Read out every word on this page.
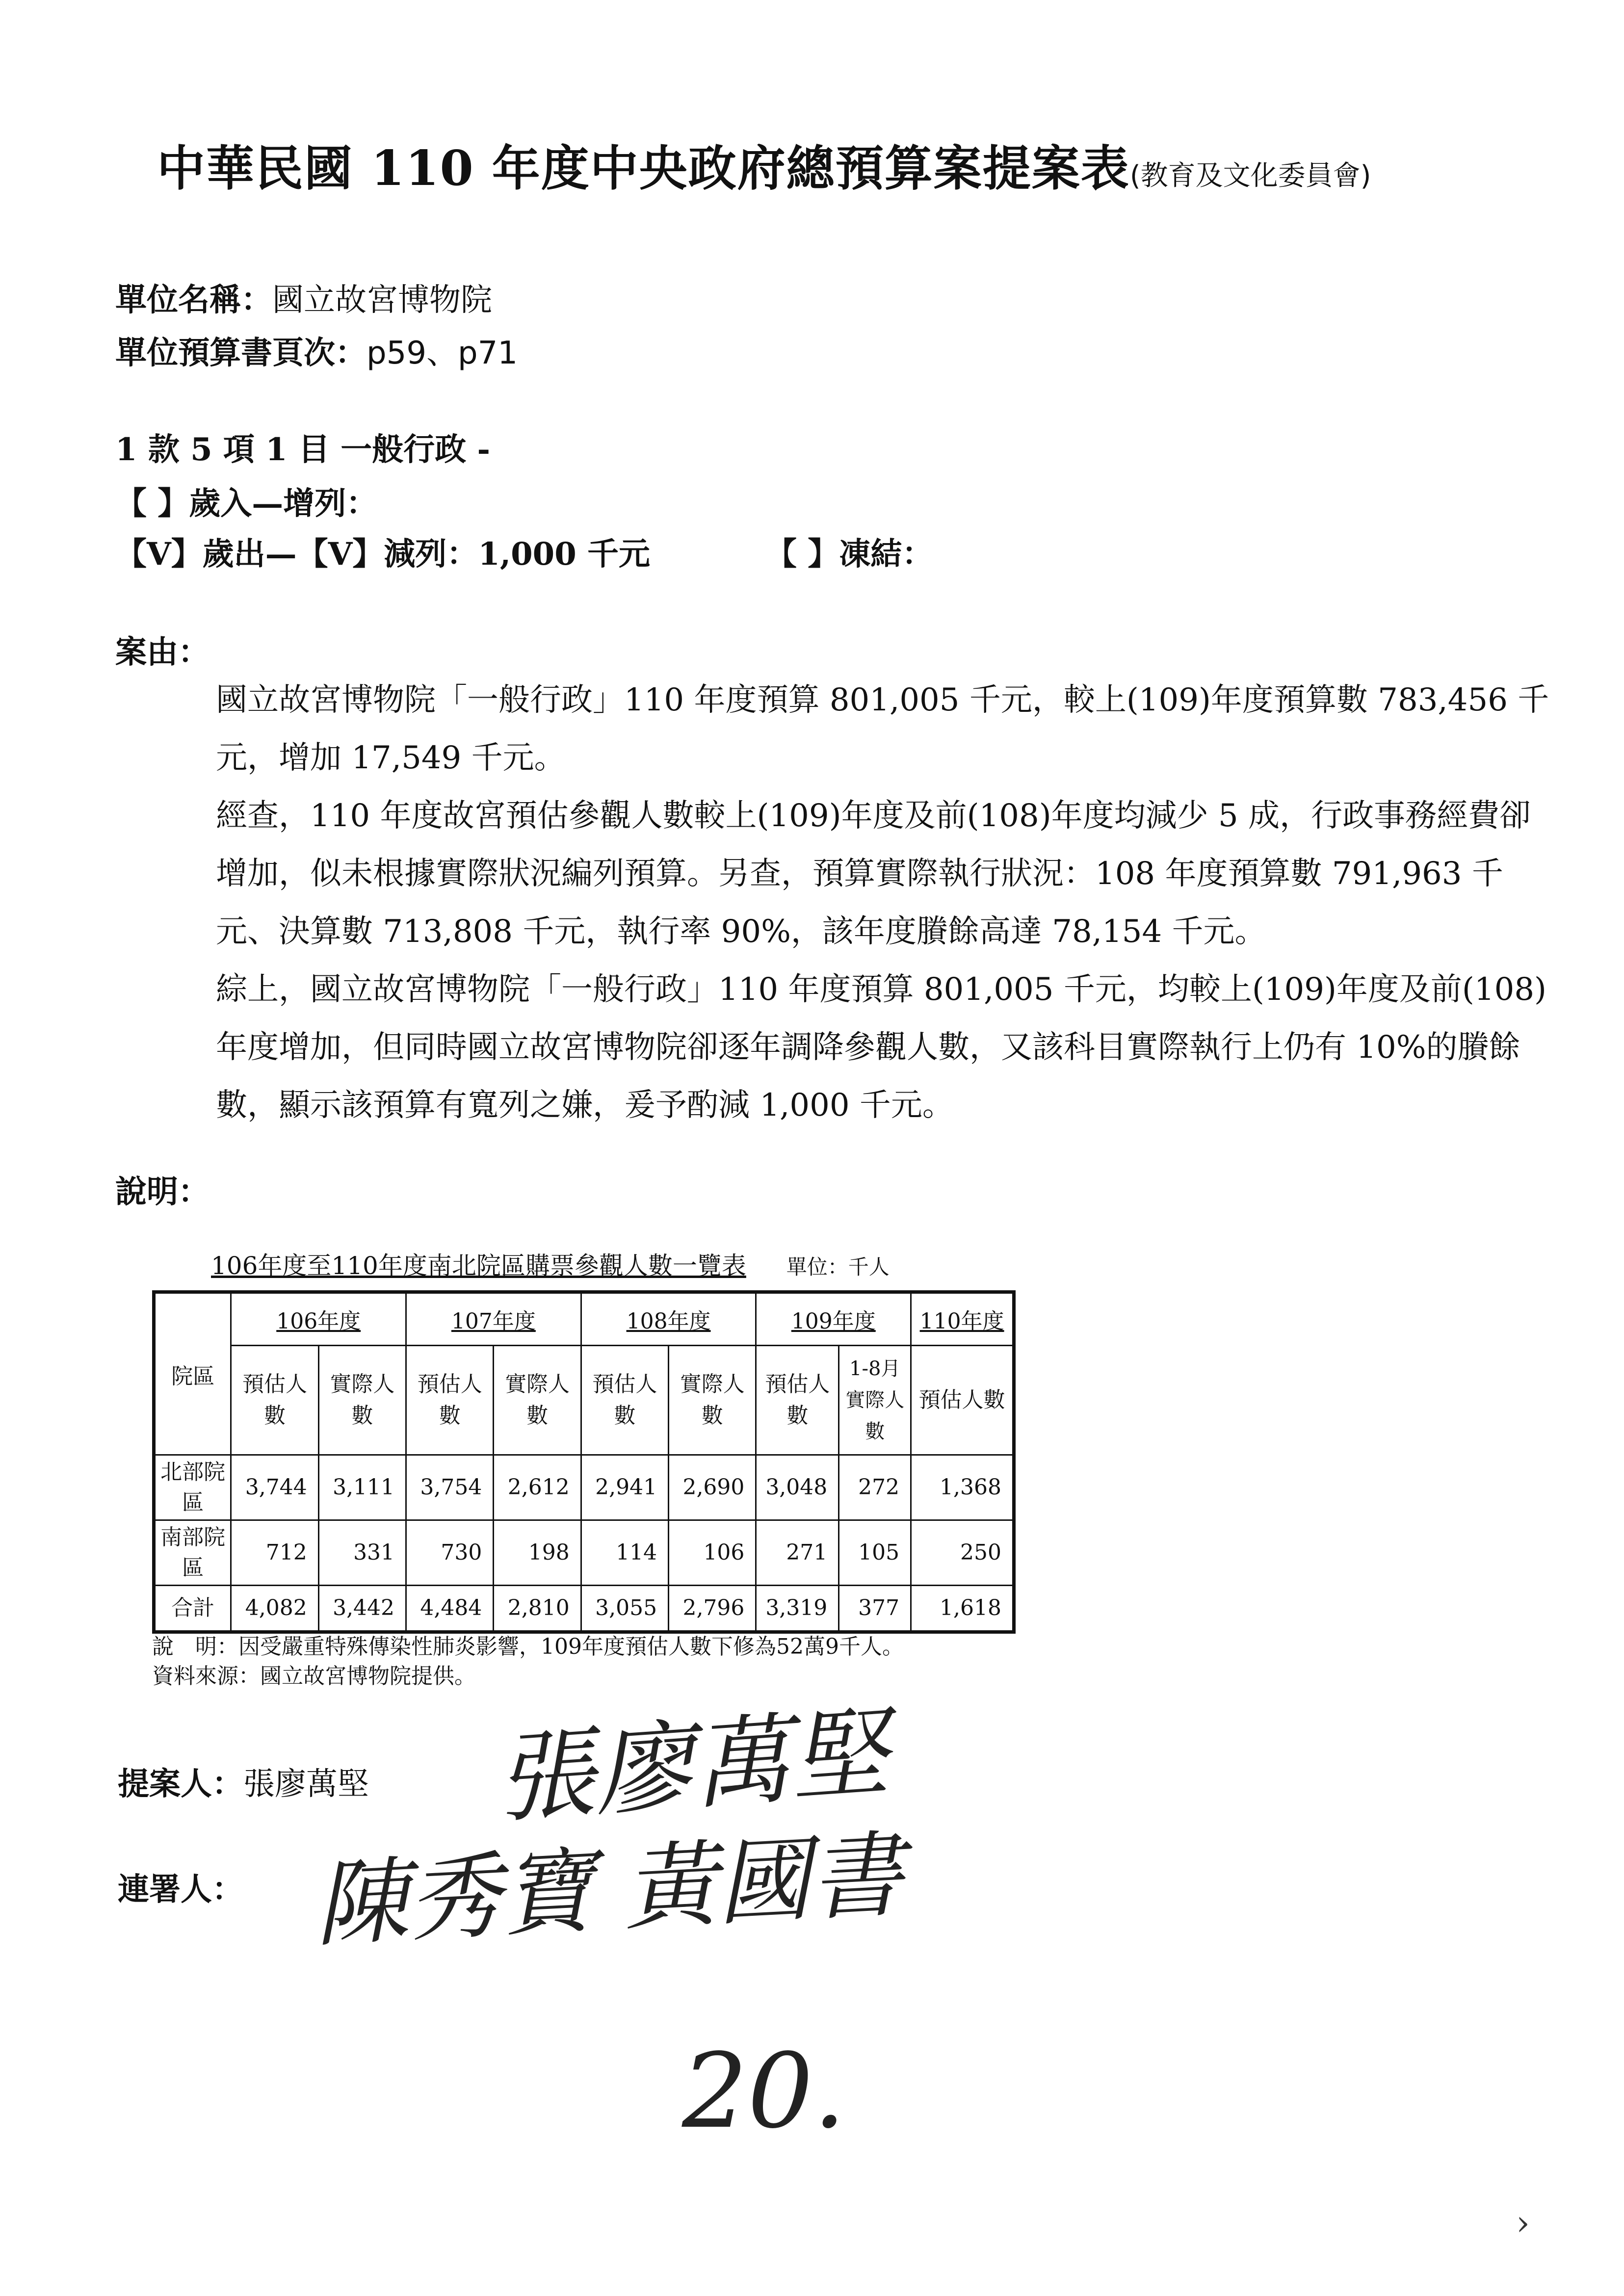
中華民國 110 年度中央政府總預算案提案表(教育及文化委員會)
單位名稱：國立故宮博物院
單位預算書頁次：p59、p71
1 款 5 項 1 目 一般行政 -
【 】歲入—增列：
【V】歲出—【V】減列：1,000 千元	【 】凍結：
案由：

國立故宮博物院「一般行政」110 年度預算 801,005 千元，較上(109)年度預算數 783,456 千元，增加 17,549 千元。

經查，110 年度故宮預估參觀人數較上(109)年度及前(108)年度均減少 5 成，行政事務經費卻增加，似未根據實際狀況編列預算。另查，預算實際執行狀況：108 年度預算數 791,963 千元、決算數 713,808 千元，執行率 90%，該年度賸餘高達 78,154 千元。

綜上，國立故宮博物院「一般行政」110 年度預算 801,005 千元，均較上(109)年度及前(108)年度增加，但同時國立故宮博物院卻逐年調降參觀人數，又該科目實際執行上仍有 10%的賸餘數，顯示該預算有寬列之嫌，爰予酌減 1,000 千元。

說明：
106年度至110年度南北院區購票參觀人數一覽表 單位：千人
院區	106年度		107年度		108年度		109年度		110年度
	預估人數	實際人數	預估人數	實際人數	預估人數	實際人數	預估人數	1-8月實際人數	預估人數
北部院區	3,744	3,111	3,754	2,612	2,941	2,690	3,048	272	1,368
南部院區	712	331	730	198	114	106	271	105	250
合計	4,082	3,442	4,484	2,810	3,055	2,796	3,319	377	1,618
說　明：因受嚴重特殊傳染性肺炎影響，109年度預估人數下修為52萬9千人。
資料來源：國立故宮博物院提供。
提案人：張廖萬堅 張廖萬堅
連署人： 陳秀寶 黃國書
20.
›
